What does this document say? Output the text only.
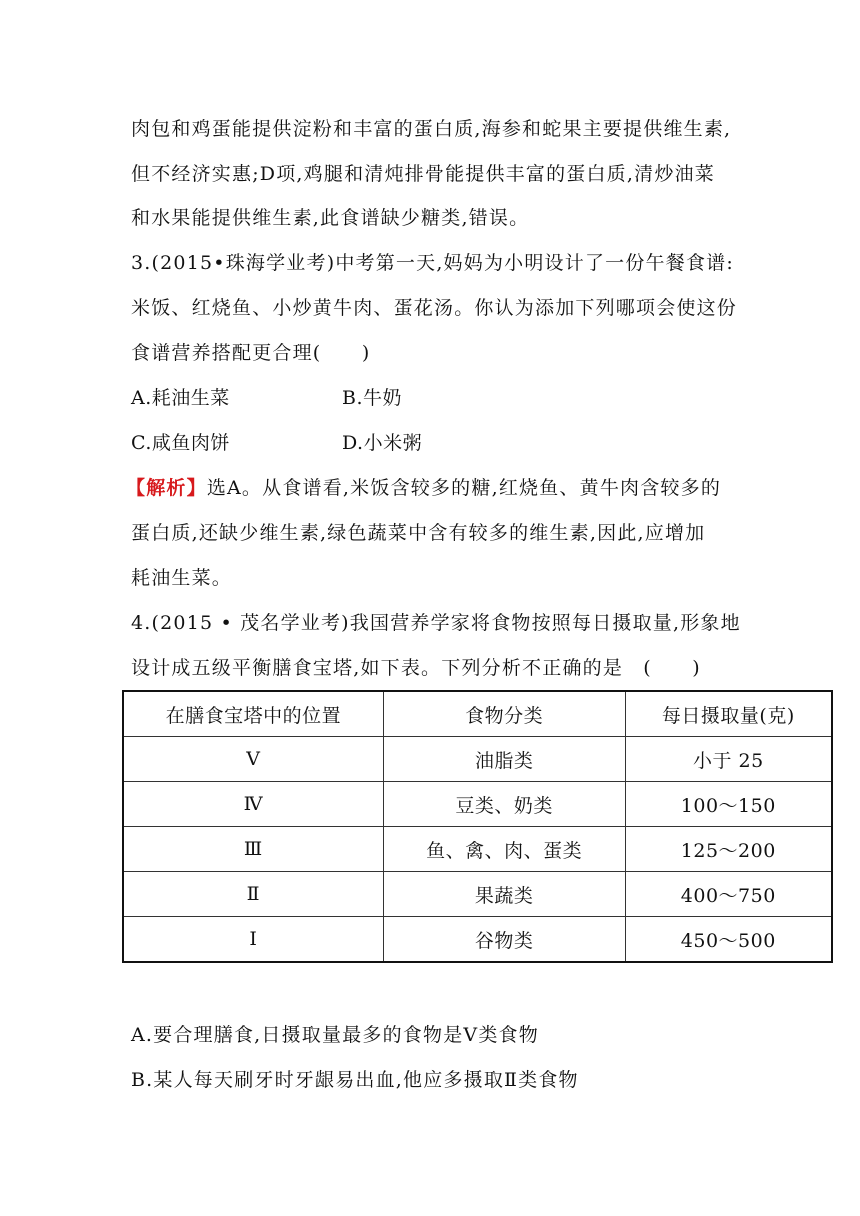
肉包和鸡蛋能提供淀粉和丰富的蛋白质,海参和蛇果主要提供维生素,
但不经济实惠;D项,鸡腿和清炖排骨能提供丰富的蛋白质,清炒油菜
和水果能提供维生素,此食谱缺少糖类,错误。
3.(2015•珠海学业考)中考第一天,妈妈为小明设计了一份午餐食谱:
米饭、红烧鱼、小炒黄牛肉、蛋花汤。你认为添加下列哪项会使这份
食谱营养搭配更合理(　　)
A.耗油生菜	B.牛奶
C.咸鱼肉饼	D.小米粥
【解析】选A。从食谱看,米饭含较多的糖,红烧鱼、黄牛肉含较多的
蛋白质,还缺少维生素,绿色蔬菜中含有较多的维生素,因此,应增加
耗油生菜。
4.(2015 • 茂名学业考)我国营养学家将食物按照每日摄取量,形象地
设计成五级平衡膳食宝塔,如下表。下列分析不正确的是　(　　)
在膳食宝塔中的位置	食物分类	每日摄取量(克)
V	油脂类	小于 25
Ⅳ	豆类、奶类	100～150
Ⅲ	鱼、禽、肉、蛋类	125～200
Ⅱ	果蔬类	400～750
I	谷物类	450～500
A.要合理膳食,日摄取量最多的食物是Ⅴ类食物
B.某人每天刷牙时牙龈易出血,他应多摄取Ⅱ类食物
